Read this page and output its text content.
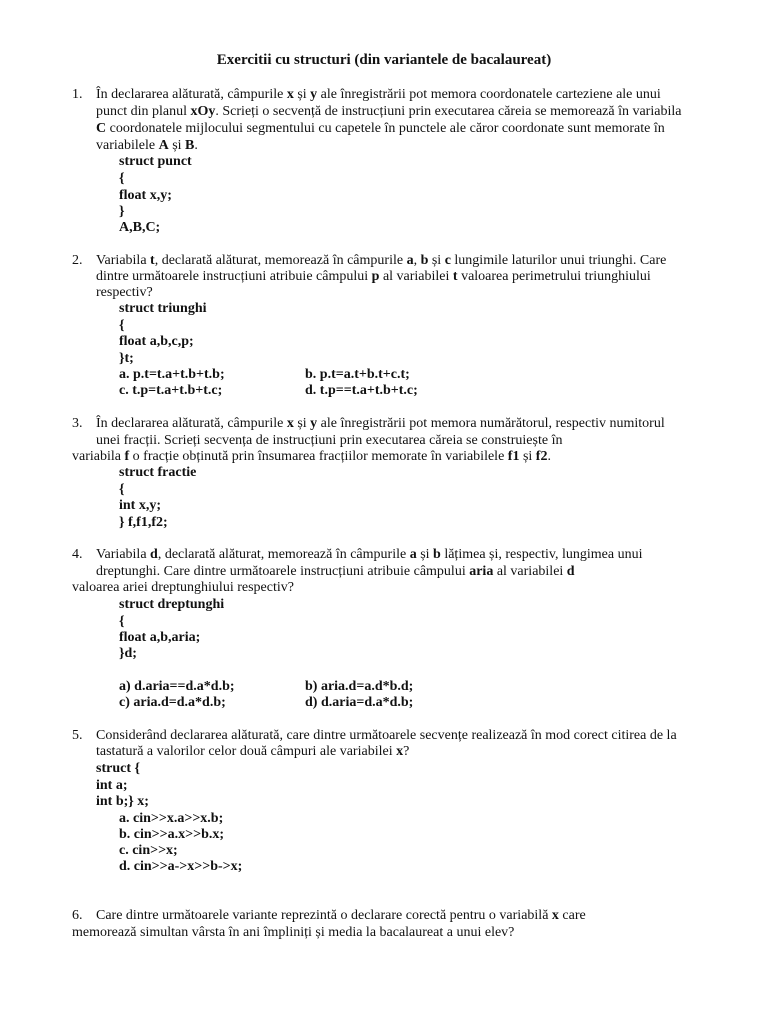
Exercitii cu structuri (din variantele de bacalaureat)
1. În declararea alăturată, câmpurile x și y ale înregistrării pot memora coordonatele carteziene ale unui
punct din planul xOy. Scrieți o secvență de instrucțiuni prin executarea căreia se memorează în variabila
C coordonatele mijlocului segmentului cu capetele în punctele ale căror coordonate sunt memorate în
variabilele A și B.
struct punct
{
float x,y;
}
A,B,C;
2. Variabila t, declarată alăturat, memorează în câmpurile a, b și c lungimile laturilor unui triunghi. Care
dintre următoarele instrucțiuni atribuie câmpului p al variabilei t valoarea perimetrului triunghiului
respectiv?
struct triunghi
{
float a,b,c,p;
}t;
a. p.t=t.a+t.b+t.b;	b. p.t=a.t+b.t+c.t;
c. t.p=t.a+t.b+t.c;	d. t.p==t.a+t.b+t.c;
3. În declararea alăturată, câmpurile x și y ale înregistrării pot memora numărătorul, respectiv numitorul
unei fracții. Scrieți secvența de instrucțiuni prin executarea căreia se construiește în
variabila f o fracție obținută prin însumarea fracțiilor memorate în variabilele f1 și f2.
struct fractie
{
int x,y;
} f,f1,f2;
4. Variabila d, declarată alăturat, memorează în câmpurile a și b lățimea și, respectiv, lungimea unui
dreptunghi. Care dintre următoarele instrucțiuni atribuie câmpului aria al variabilei d
valoarea ariei dreptunghiului respectiv?
struct dreptunghi
{
float a,b,aria;
}d;
a) d.aria==d.a*d.b;	b) aria.d=a.d*b.d;
c) aria.d=d.a*d.b;	d) d.aria=d.a*d.b;
5. Considerând declararea alăturată, care dintre următoarele secvențe realizează în mod corect citirea de la
tastatură a valorilor celor două câmpuri ale variabilei x?
struct {
int a;
int b;} x;
a. cin>>x.a>>x.b;
b. cin>>a.x>>b.x;
c. cin>>x;
d. cin>>a->x>>b->x;
6. Care dintre următoarele variante reprezintă o declarare corectă pentru o variabilă x care
memorează simultan vârsta în ani împliniți și media la bacalaureat a unui elev?
